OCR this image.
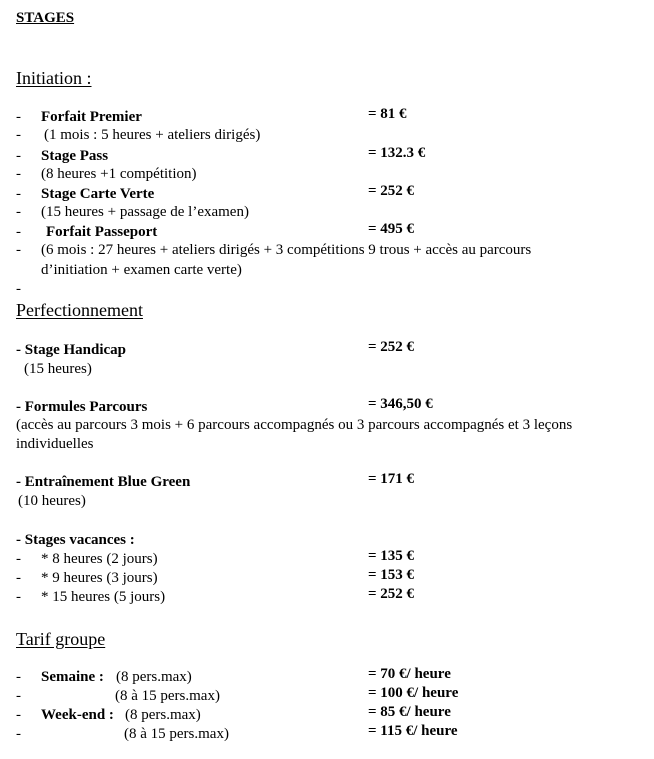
STAGES
Initiation :
- Forfait Premier	= 81 €
- (1 mois : 5 heures + ateliers dirigés)
- Stage Pass	= 132.3 €
- (8 heures +1 compétition)
- Stage Carte Verte	= 252 €
- (15 heures + passage de l’examen)
- Forfait Passeport	= 495 €
- (6 mois : 27 heures + ateliers dirigés + 3 compétitions 9 trous + accès au parcours
d’initiation + examen carte verte)
-
Perfectionnement
- Stage Handicap	= 252 €
(15 heures)
- Formules Parcours	= 346,50 €
(accès au parcours 3 mois + 6 parcours accompagnés ou 3 parcours accompagnés et 3 leçons
individuelles
- Entraînement Blue Green	= 171 €
(10 heures)
- Stages vacances :
- * 8 heures (2 jours)	= 135 €
- * 9 heures (3 jours)	= 153 €
- * 15 heures (5 jours)	= 252 €
Tarif groupe
- Semaine : (8 pers.max)	= 70 €/ heure
-	(8 à 15 pers.max)	= 100 €/ heure
- Week-end : (8 pers.max)	= 85 €/ heure
-	(8 à 15 pers.max)	= 115 €/ heure
